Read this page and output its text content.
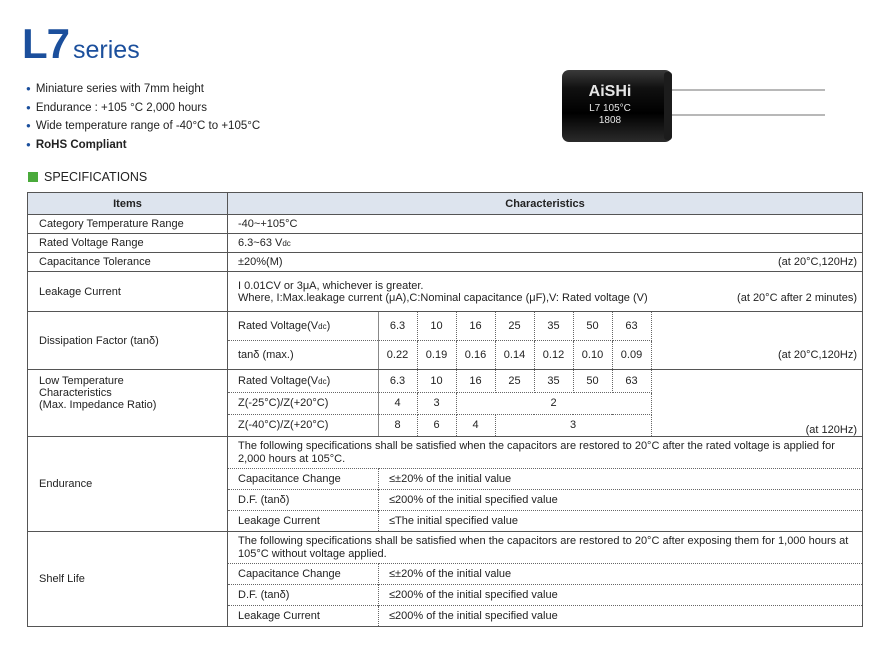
L7 series
● Miniature series with 7mm height
● Endurance : +105 °C 2,000 hours
● Wide temperature range of -40°C to +105°C
● RoHS Compliant
AiSHi
L7 105°C
1808
SPECIFICATIONS
Items	Characteristics
Category Temperature Range	-40~+105°C
Rated Voltage Range	6.3~63 Vdc
Capacitance Tolerance	±20%(M)	(at 20°C,120Hz)

Leakage Current	I 0.01CV or 3μA, whichever is greater.
Where, I:Max.leakage current (μA),C:Nominal capacitance (μF),V: Rated voltage (V)	(at 20°C after 2 minutes)

Dissipation Factor (tanδ)	
Rated Voltage(Vdc)	6.3	10	16	25	35	50	63	
tanδ (max.)	0.22	0.19	0.16	0.14	0.12	0.10	0.09	(at 20°C,120Hz)

Low Temperature
Characteristics
(Max. Impedance Ratio)

Rated Voltage(Vdc)	6.3	10	16	25	35	50	63	
Z(-25°C)/Z(+20°C)	4	3	2	
Z(-40°C)/Z(+20°C)	8	6	4	3	(at 120Hz)

Endurance	
The following specifications shall be satisfied when the capacitors are restored to 20°C after the rated voltage is applied for 2,000 hours at 105°C.
Capacitance Change	≤±20% of the initial value
D.F. (tanδ)	≤200% of the initial specified value
Leakage Current	≤The initial specified value

Shelf Life	
The following specifications shall be satisfied when the capacitors are restored to 20°C after exposing them for 1,000 hours at 105°C without voltage applied.
Capacitance Change	≤±20% of the initial value
D.F. (tanδ)	≤200% of the initial specified value
Leakage Current	≤200% of the initial specified value
